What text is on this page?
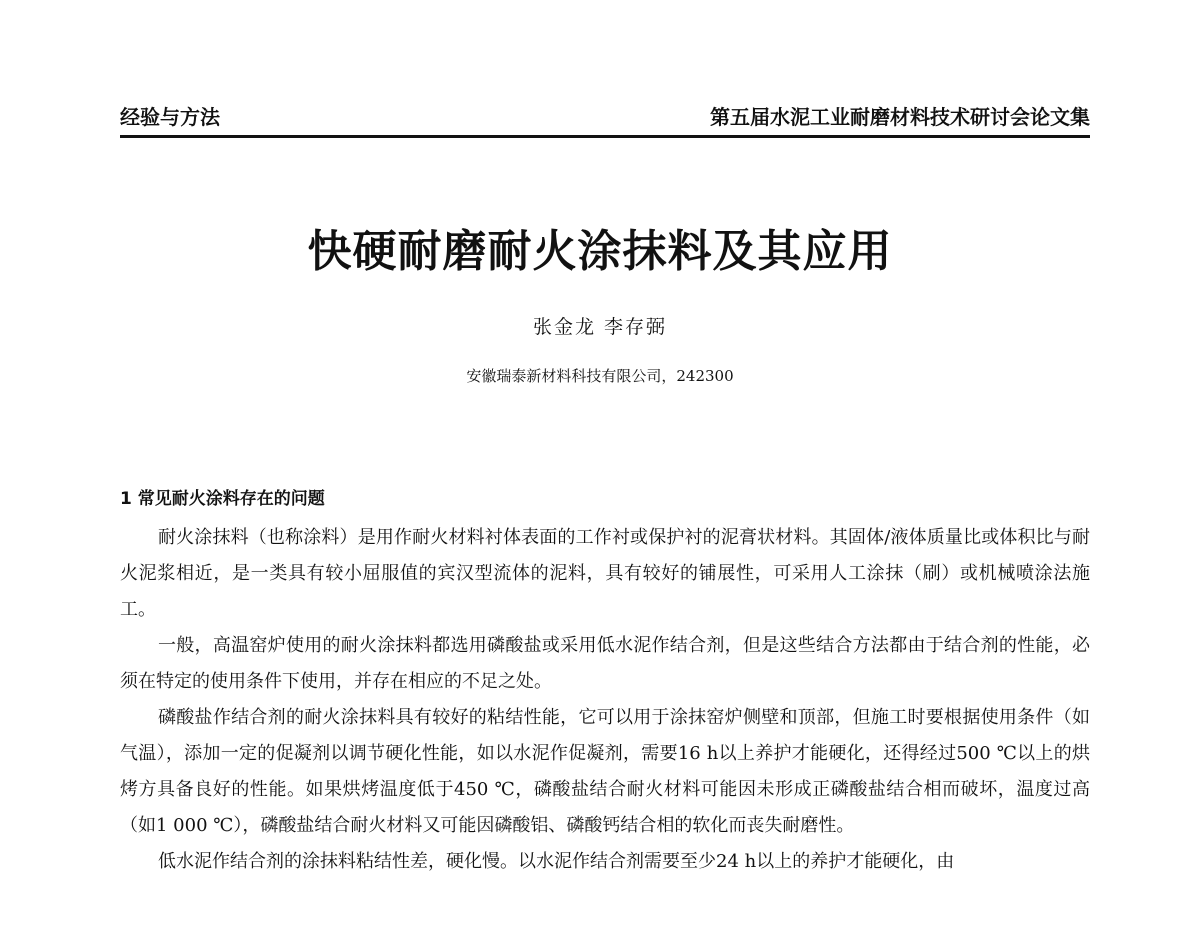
经验与方法	第五届水泥工业耐磨材料技术研讨会论文集
快硬耐磨耐火涂抹料及其应用
张金龙 李存弼
安徽瑞泰新材料科技有限公司，242300
1 常见耐火涂料存在的问题

耐火涂抹料（也称涂料）是用作耐火材料衬体表面的工作衬或保护衬的泥膏状材料。其固体/液体质量比或体积比与耐火泥浆相近，是一类具有较小屈服值的宾汉型流体的泥料，具有较好的铺展性，可采用人工涂抹（刷）或机械喷涂法施工。

一般，高温窑炉使用的耐火涂抹料都选用磷酸盐或采用低水泥作结合剂，但是这些结合方法都由于结合剂的性能，必须在特定的使用条件下使用，并存在相应的不足之处。

磷酸盐作结合剂的耐火涂抹料具有较好的粘结性能，它可以用于涂抹窑炉侧壁和顶部，但施工时要根据使用条件（如气温），添加一定的促凝剂以调节硬化性能，如以水泥作促凝剂，需要16 h以上养护才能硬化，还得经过500 ℃以上的烘烤方具备良好的性能。如果烘烤温度低于450 ℃，磷酸盐结合耐火材料可能因未形成正磷酸盐结合相而破坏，温度过高（如1 000 ℃），磷酸盐结合耐火材料又可能因磷酸铝、磷酸钙结合相的软化而丧失耐磨性。

低水泥作结合剂的涂抹料粘结性差，硬化慢。以水泥作结合剂需要至少24 h以上的养护才能硬化，由
